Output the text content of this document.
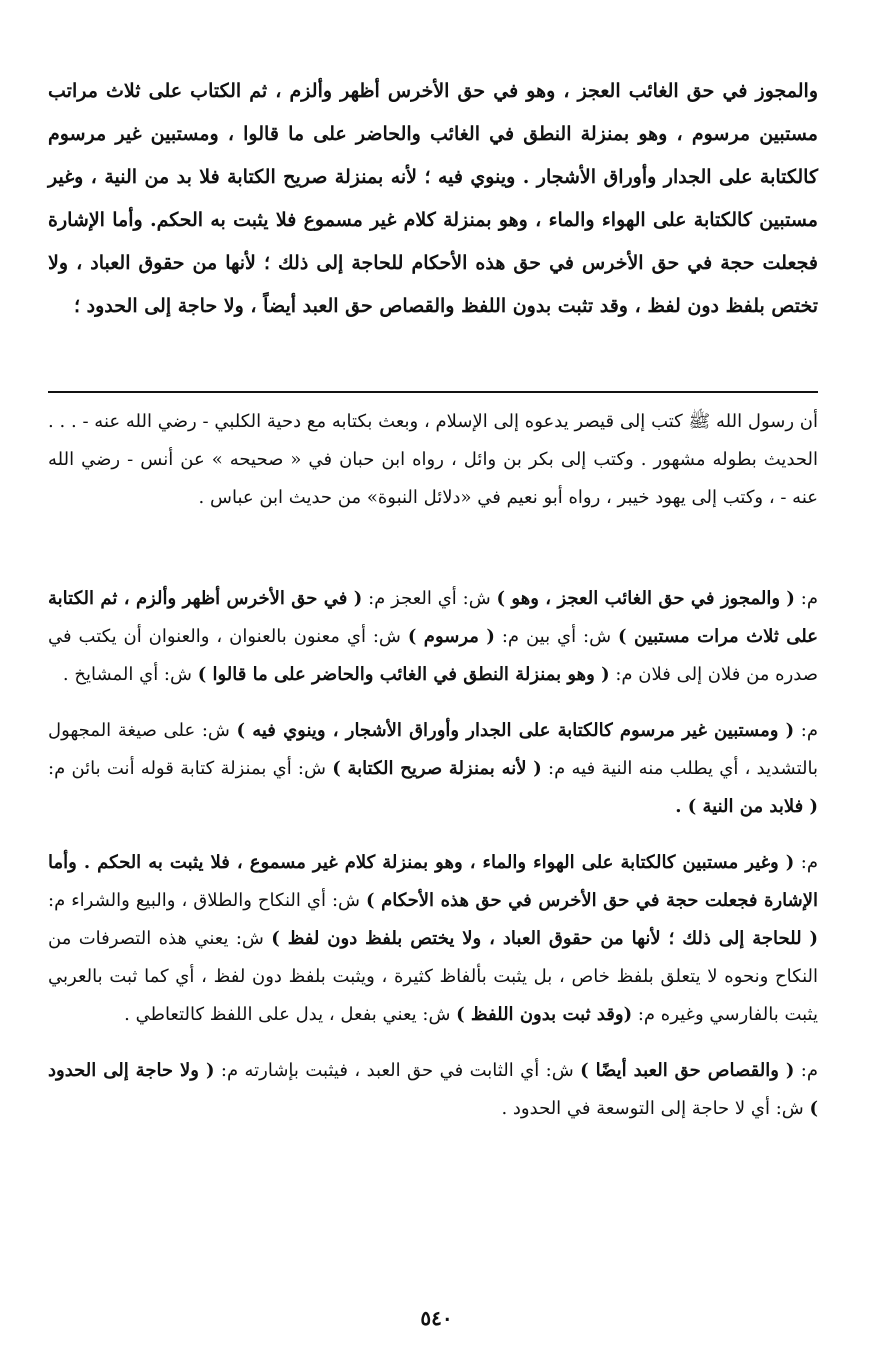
والمجوز في حق الغائب العجز ، وهو في حق الأخرس أظهر وألزم ، ثم الكتاب على ثلاث مراتب مستبين مرسوم ، وهو بمنزلة النطق في الغائب والحاضر على ما قالوا ، ومستبين غير مرسوم كالكتابة على الجدار وأوراق الأشجار . وينوي فيه ؛ لأنه بمنزلة صريح الكتابة فلا بد من النية ، وغير مستبين كالكتابة على الهواء والماء ، وهو بمنزلة كلام غير مسموع فلا يثبت به الحكم. وأما الإشارة فجعلت حجة في حق الأخرس في حق هذه الأحكام للحاجة إلى ذلك ؛ لأنها من حقوق العباد ، ولا تختص بلفظ دون لفظ ، وقد تثبت بدون اللفظ والقصاص حق العبد أيضاً ، ولا حاجة إلى الحدود ؛

أن رسول الله ﷺ كتب إلى قيصر يدعوه إلى الإسلام ، وبعث بكتابه مع دحية الكلبي - رضي الله عنه - . . . الحديث بطوله مشهور . وكتب إلى بكر بن وائل ، رواه ابن حبان في « صحيحه » عن أنس - رضي الله عنه - ، وكتب إلى يهود خيبر ، رواه أبو نعيم في «دلائل النبوة» من حديث ابن عباس .

م: ( والمجوز في حق الغائب العجز ، وهو ) ش: أي العجز م: ( في حق الأخرس أظهر وألزم ، ثم الكتابة على ثلاث مرات مستبين ) ش: أي بين م: ( مرسوم ) ش: أي معنون بالعنوان ، والعنوان أن يكتب في صدره من فلان إلى فلان م: ( وهو بمنزلة النطق في الغائب والحاضر على ما قالوا ) ش: أي المشايخ .

م: ( ومستبين غير مرسوم كالكتابة على الجدار وأوراق الأشجار ، وينوي فيه ) ش: على صيغة المجهول بالتشديد ، أي يطلب منه النية فيه م: ( لأنه بمنزلة صريح الكتابة ) ش: أي بمنزلة كتابة قوله أنت بائن م: ( فلابد من النية ) .

م: ( وغير مستبين كالكتابة على الهواء والماء ، وهو بمنزلة كلام غير مسموع ، فلا يثبت به الحكم . وأما الإشارة فجعلت حجة في حق الأخرس في حق هذه الأحكام ) ش: أي النكاح والطلاق ، والبيع والشراء م: ( للحاجة إلى ذلك ؛ لأنها من حقوق العباد ، ولا يختص بلفظ دون لفظ ) ش: يعني هذه التصرفات من النكاح ونحوه لا يتعلق بلفظ خاص ، بل يثبت بألفاظ كثيرة ، ويثبت بلفظ دون لفظ ، أي كما ثبت بالعربي يثبت بالفارسي وغيره م: (وقد ثبت بدون اللفظ ) ش: يعني بفعل ، يدل على اللفظ كالتعاطي .

م: ( والقصاص حق العبد أيضًا ) ش: أي الثابت في حق العبد ، فيثبت بإشارته م: ( ولا حاجة إلى الحدود ) ش: أي لا حاجة إلى التوسعة في الحدود .

٥٤٠
